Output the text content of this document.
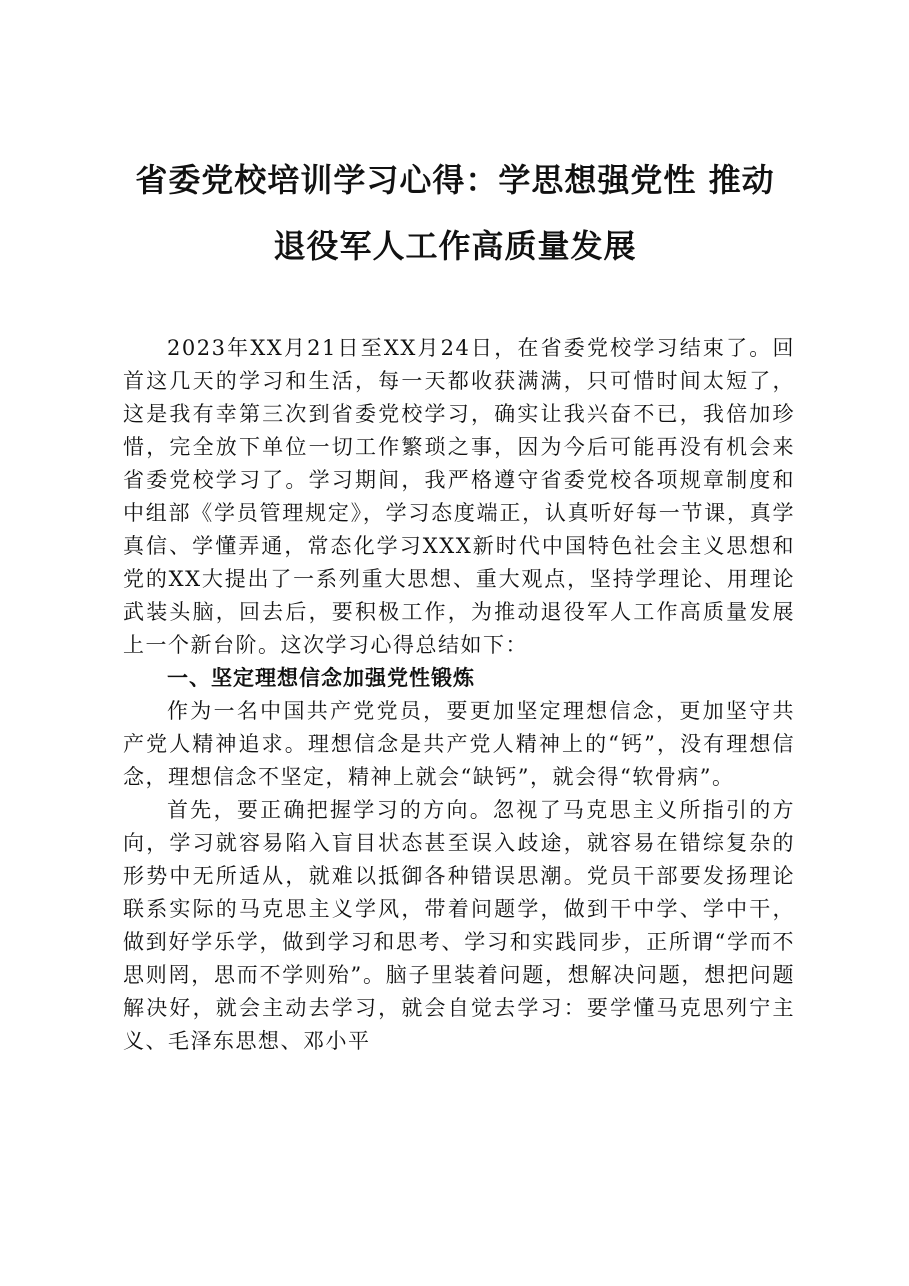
省委党校培训学习心得：学思想强党性 推动
退役军人工作高质量发展

2023年XX月21日至XX月24日，在省委党校学习结束了。回首这几天的学习和生活，每一天都收获满满，只可惜时间太短了，这是我有幸第三次到省委党校学习，确实让我兴奋不已，我倍加珍惜，完全放下单位一切工作繁琐之事，因为今后可能再没有机会来省委党校学习了。学习期间，我严格遵守省委党校各项规章制度和中组部《学员管理规定》，学习态度端正，认真听好每一节课，真学真信、学懂弄通，常态化学习XXX新时代中国特色社会主义思想和党的XX大提出了一系列重大思想、重大观点，坚持学理论、用理论武装头脑，回去后，要积极工作，为推动退役军人工作高质量发展上一个新台阶。这次学习心得总结如下：

一、坚定理想信念加强党性锻炼

作为一名中国共产党党员，要更加坚定理想信念，更加坚守共产党人精神追求。理想信念是共产党人精神上的“钙”，没有理想信念，理想信念不坚定，精神上就会“缺钙”，就会得“软骨病”。

首先，要正确把握学习的方向。忽视了马克思主义所指引的方向，学习就容易陷入盲目状态甚至误入歧途，就容易在错综复杂的形势中无所适从，就难以抵御各种错误思潮。党员干部要发扬理论联系实际的马克思主义学风，带着问题学，做到干中学、学中干，做到好学乐学，做到学习和思考、学习和实践同步，正所谓“学而不思则罔，思而不学则殆”。脑子里装着问题，想解决问题，想把问题解决好，就会主动去学习，就会自觉去学习：要学懂马克思列宁主义、毛泽东思想、邓小平
